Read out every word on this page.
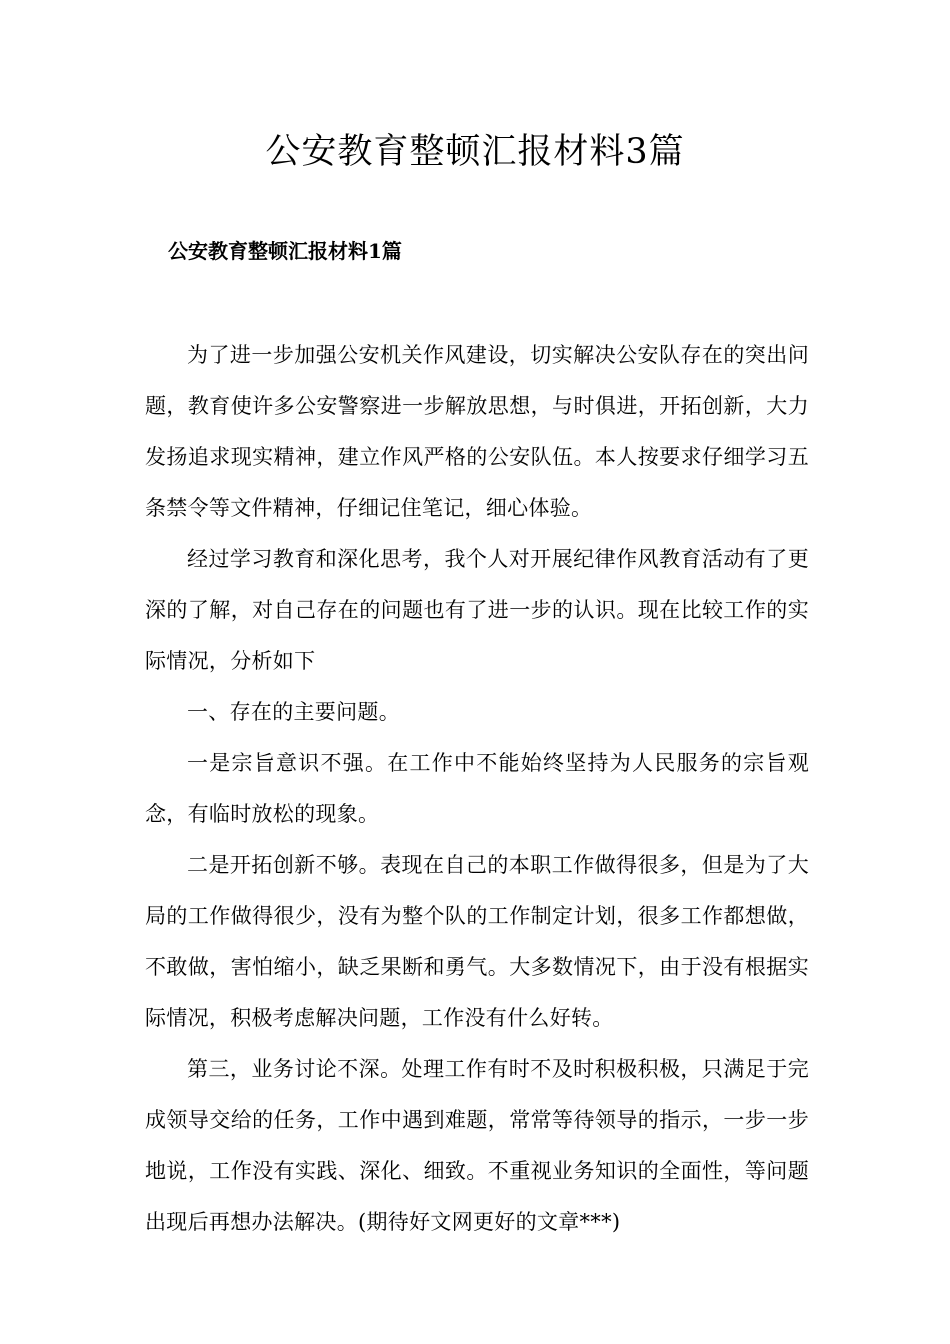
公安教育整顿汇报材料3篇
公安教育整顿汇报材料1篇

为了进一步加强公安机关作风建设，切实解决公安队存在的突出问题，教育使许多公安警察进一步解放思想，与时俱进，开拓创新，大力发扬追求现实精神，建立作风严格的公安队伍。本人按要求仔细学习五条禁令等文件精神，仔细记住笔记，细心体验。

经过学习教育和深化思考，我个人对开展纪律作风教育活动有了更深的了解，对自己存在的问题也有了进一步的认识。现在比较工作的实际情况，分析如下

一、存在的主要问题。

一是宗旨意识不强。在工作中不能始终坚持为人民服务的宗旨观念，有临时放松的现象。

二是开拓创新不够。表现在自己的本职工作做得很多，但是为了大局的工作做得很少，没有为整个队的工作制定计划，很多工作都想做，不敢做，害怕缩小，缺乏果断和勇气。大多数情况下，由于没有根据实际情况，积极考虑解决问题，工作没有什么好转。

第三，业务讨论不深。处理工作有时不及时积极积极，只满足于完成领导交给的任务，工作中遇到难题，常常等待领导的指示，一步一步地说，工作没有实践、深化、细致。不重视业务知识的全面性，等问题出现后再想办法解决。(期待好文网更好的文章***)
